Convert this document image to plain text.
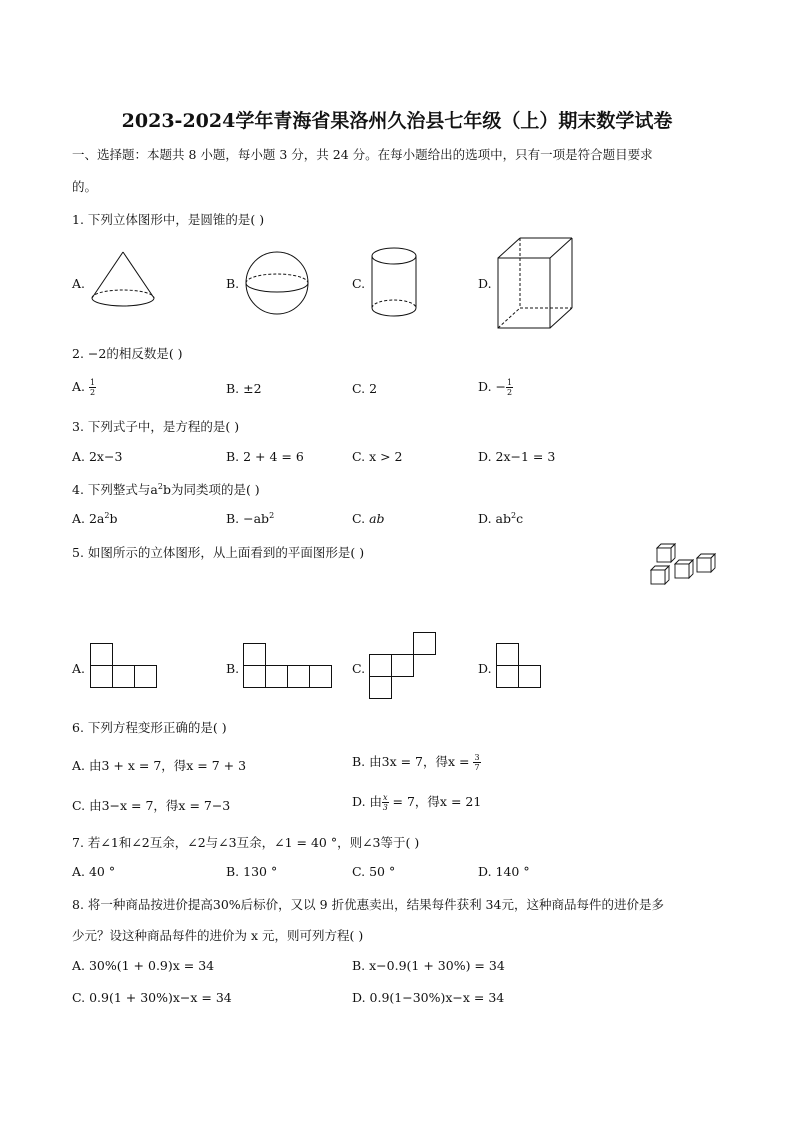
2023-2024学年青海省果洛州久治县七年级（上）期末数学试卷
一、选择题：本题共 8 小题，每小题 3 分，共 24 分。在每小题给出的选项中，只有一项是符合题目要求
的。
1. 下列立体图形中，是圆锥的是( )
A.	B.	C.	D.
2. −2的相反数是( )
A. $\frac{1}{2}$	B. ±2	C. 2	D. − $\frac{1}{2}$
3. 下列式子中，是方程的是( )
A. 2x−3	B. 2 + 4 = 6	C. x > 2	D. 2x−1 = 3
4. 下列整式与$a^2b$为同类项的是( )
A. $2a^2b$	B. $-ab^2$	C. ab	D. $ab^2c$
5. 如图所示的立体图形，从上面看到的平面图形是( )
A.	B.	C.	D.
6. 下列方程变形正确的是( )
A. 由3 + x = 7，得x = 7 + 3	B. 由3x = 7，得$x = \frac{3}{7}$
C. 由3−x = 7，得x = 7−3	D. 由 $\frac{x}{3} = 7$，得x = 21
7. 若∠1和∠2互余，∠2与∠3互余，∠1 = 40 °，则∠3等于( )
A. 40 °	B. 130 °	C. 50 °	D. 140 °
8. 将一种商品按进价提高30%后标价，又以 9 折优惠卖出，结果每件获利 34元，这种商品每件的进价是多
少元？设这种商品每件的进价为 x 元，则可列方程( )
A. 30%(1 + 0.9)x = 34	B. x−0.9(1 + 30%) = 34
C. 0.9(1 + 30%)x−x = 34	D. 0.9(1−30%)x−x = 34
